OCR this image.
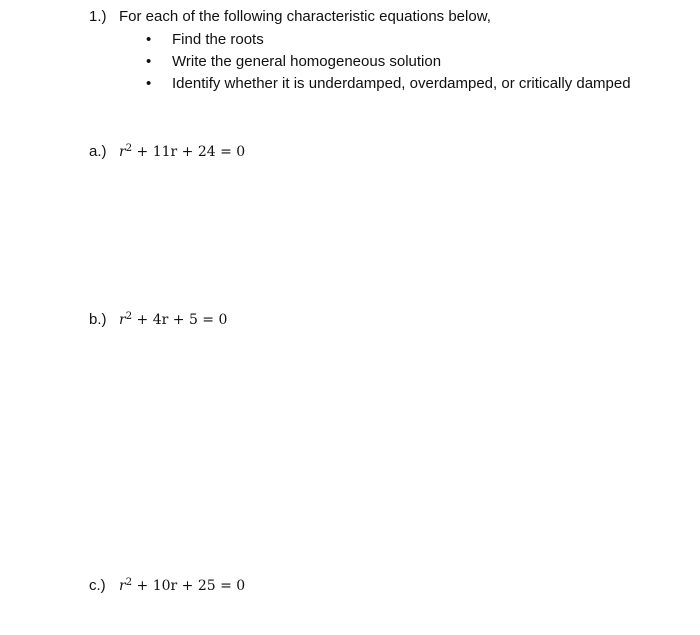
1.) For each of the following characteristic equations below,
• Find the roots
• Write the general homogeneous solution
• Identify whether it is underdamped, overdamped, or critically damped
a.) $r^2 + 11r + 24 = 0$
b.) $r^2 + 4r + 5 = 0$
c.) $r^2 + 10r + 25 = 0$
